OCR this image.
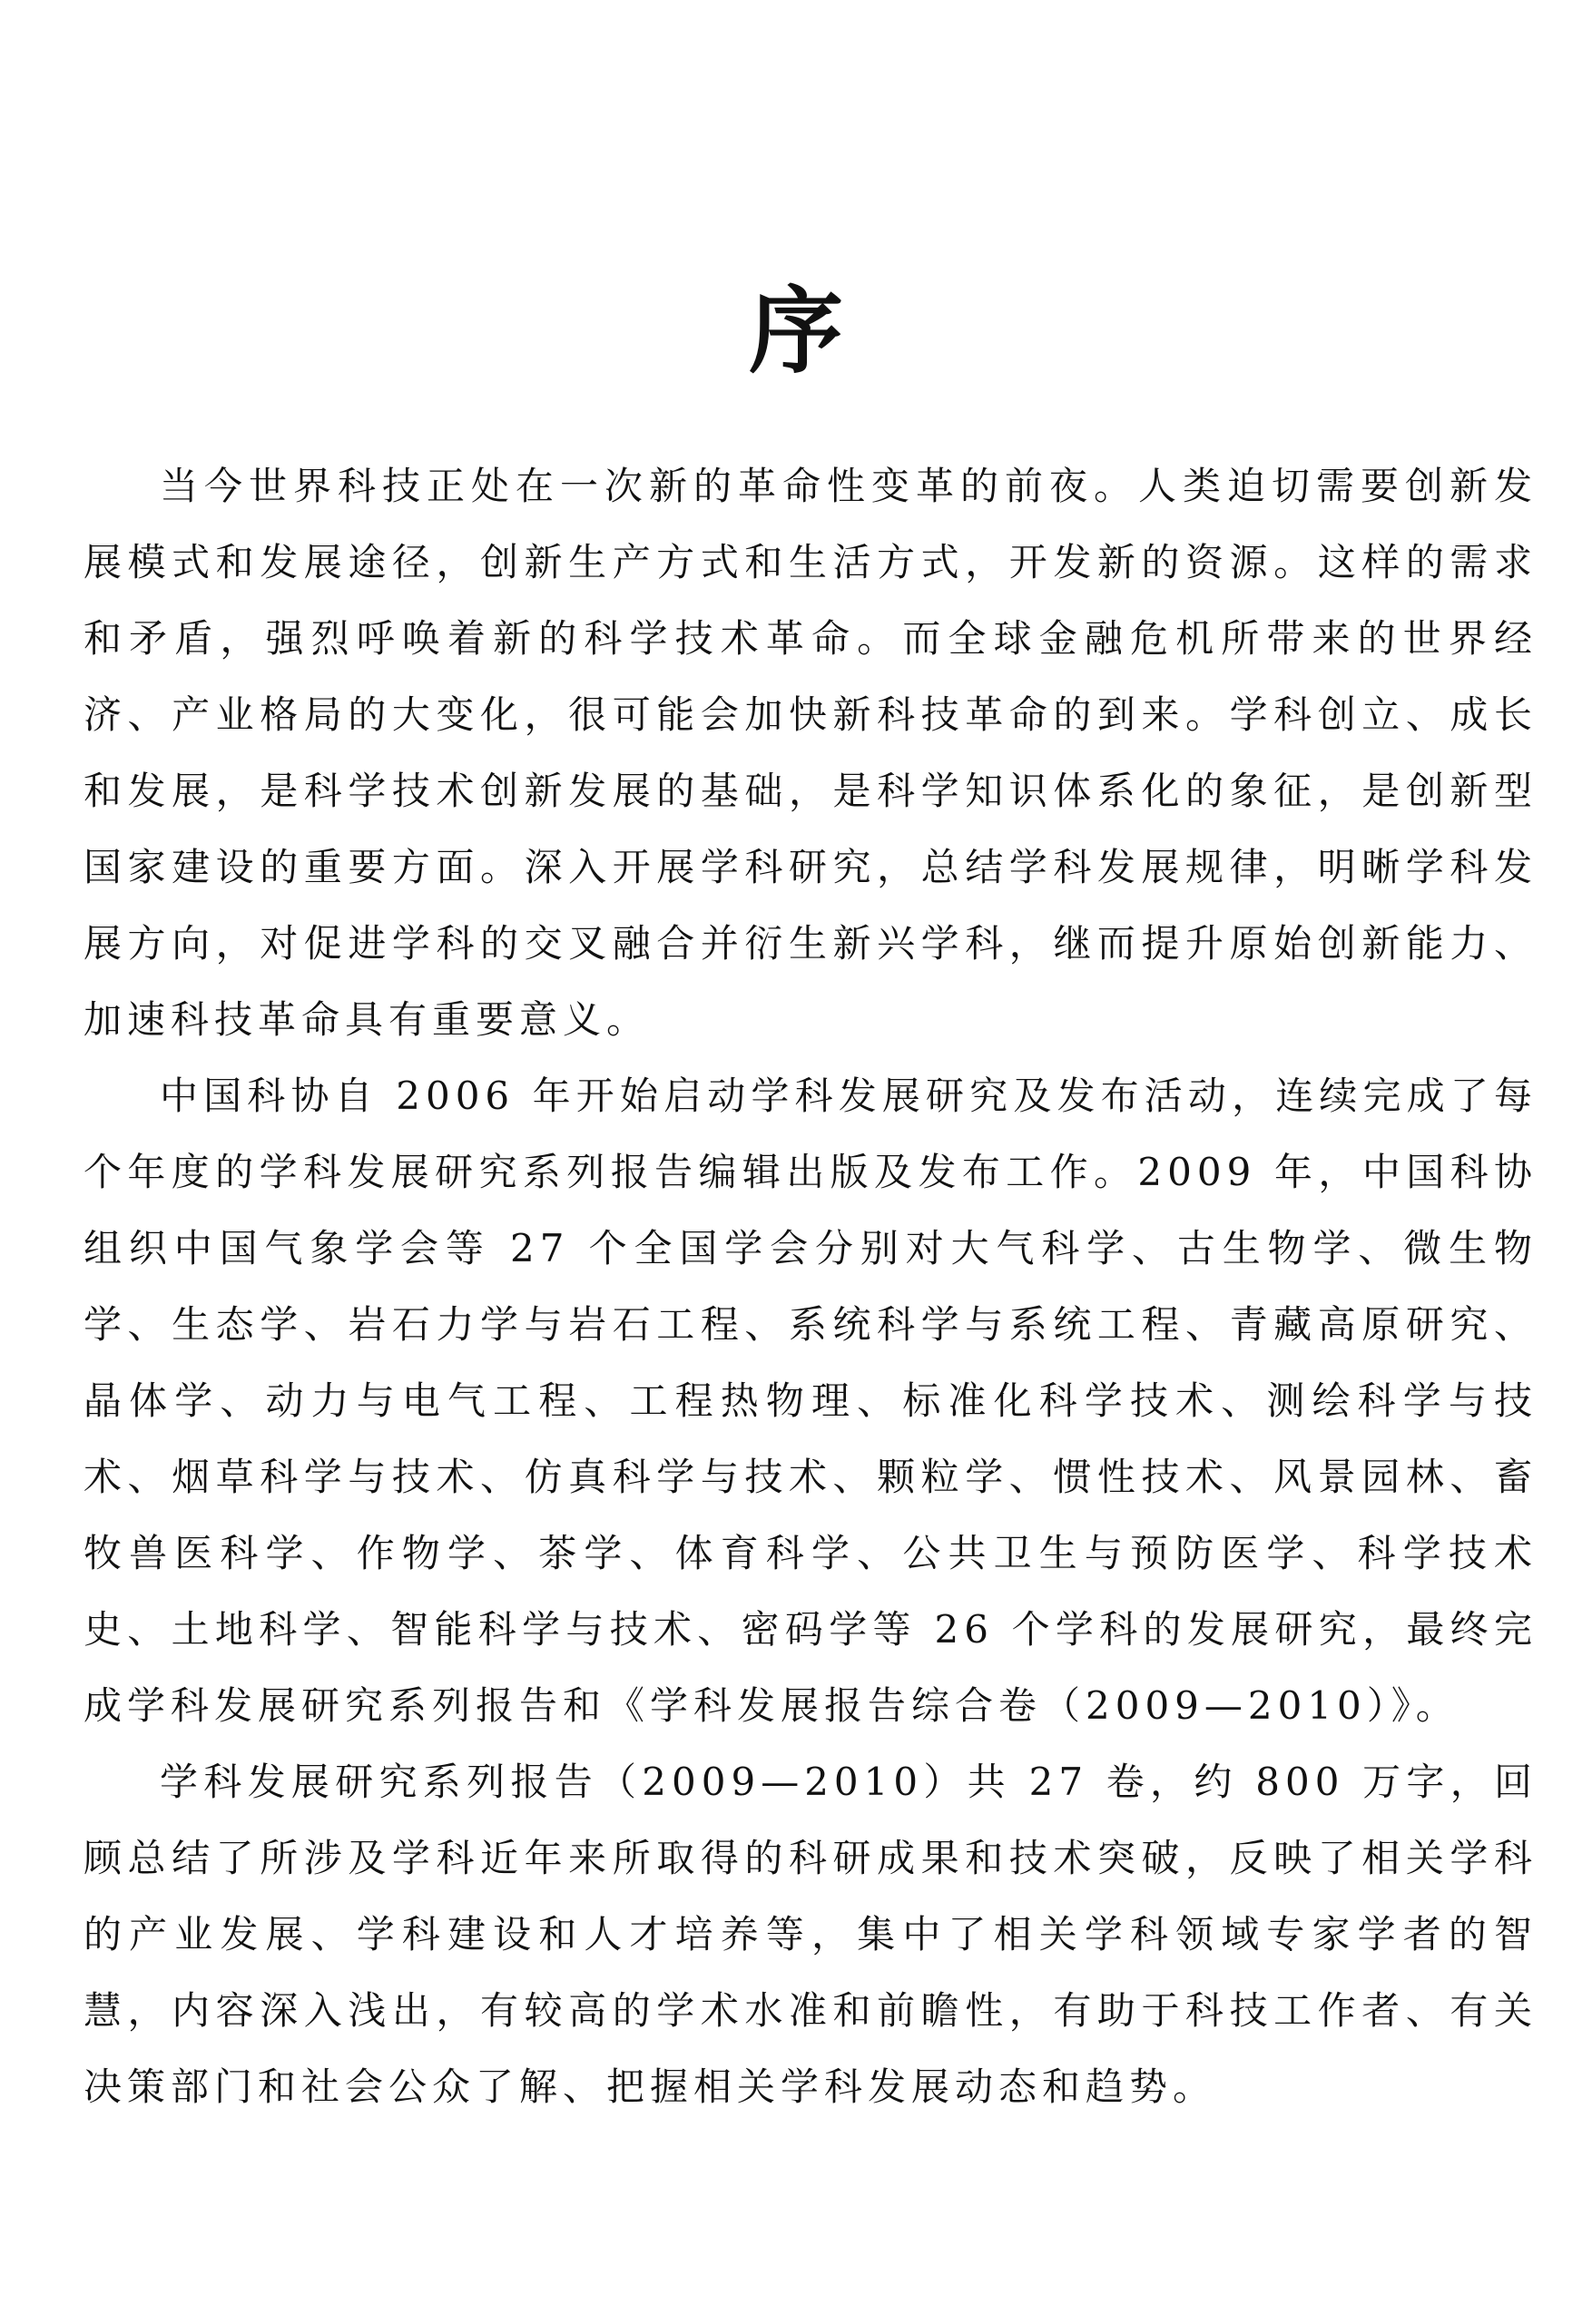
序

当今世界科技正处在一次新的革命性变革的前夜。人类迫切需要创新发展模式和发展途径，创新生产方式和生活方式，开发新的资源。这样的需求和矛盾，强烈呼唤着新的科学技术革命。而全球金融危机所带来的世界经济、产业格局的大变化，很可能会加快新科技革命的到来。学科创立、成长和发展，是科学技术创新发展的基础，是科学知识体系化的象征，是创新型国家建设的重要方面。深入开展学科研究，总结学科发展规律，明晰学科发展方向，对促进学科的交叉融合并衍生新兴学科，继而提升原始创新能力、加速科技革命具有重要意义。

中国科协自 2006 年开始启动学科发展研究及发布活动，连续完成了每个年度的学科发展研究系列报告编辑出版及发布工作。2009 年，中国科协组织中国气象学会等 27 个全国学会分别对大气科学、古生物学、微生物学、生态学、岩石力学与岩石工程、系统科学与系统工程、青藏高原研究、晶体学、动力与电气工程、工程热物理、标准化科学技术、测绘科学与技术、烟草科学与技术、仿真科学与技术、颗粒学、惯性技术、风景园林、畜牧兽医科学、作物学、茶学、体育科学、公共卫生与预防医学、科学技术史、土地科学、智能科学与技术、密码学等 26 个学科的发展研究，最终完成学科发展研究系列报告和《学科发展报告综合卷（2009—2010）》。

学科发展研究系列报告（2009—2010）共 27 卷，约 800 万字，回顾总结了所涉及学科近年来所取得的科研成果和技术突破，反映了相关学科的产业发展、学科建设和人才培养等，集中了相关学科领域专家学者的智慧，内容深入浅出，有较高的学术水准和前瞻性，有助于科技工作者、有关决策部门和社会公众了解、把握相关学科发展动态和趋势。
